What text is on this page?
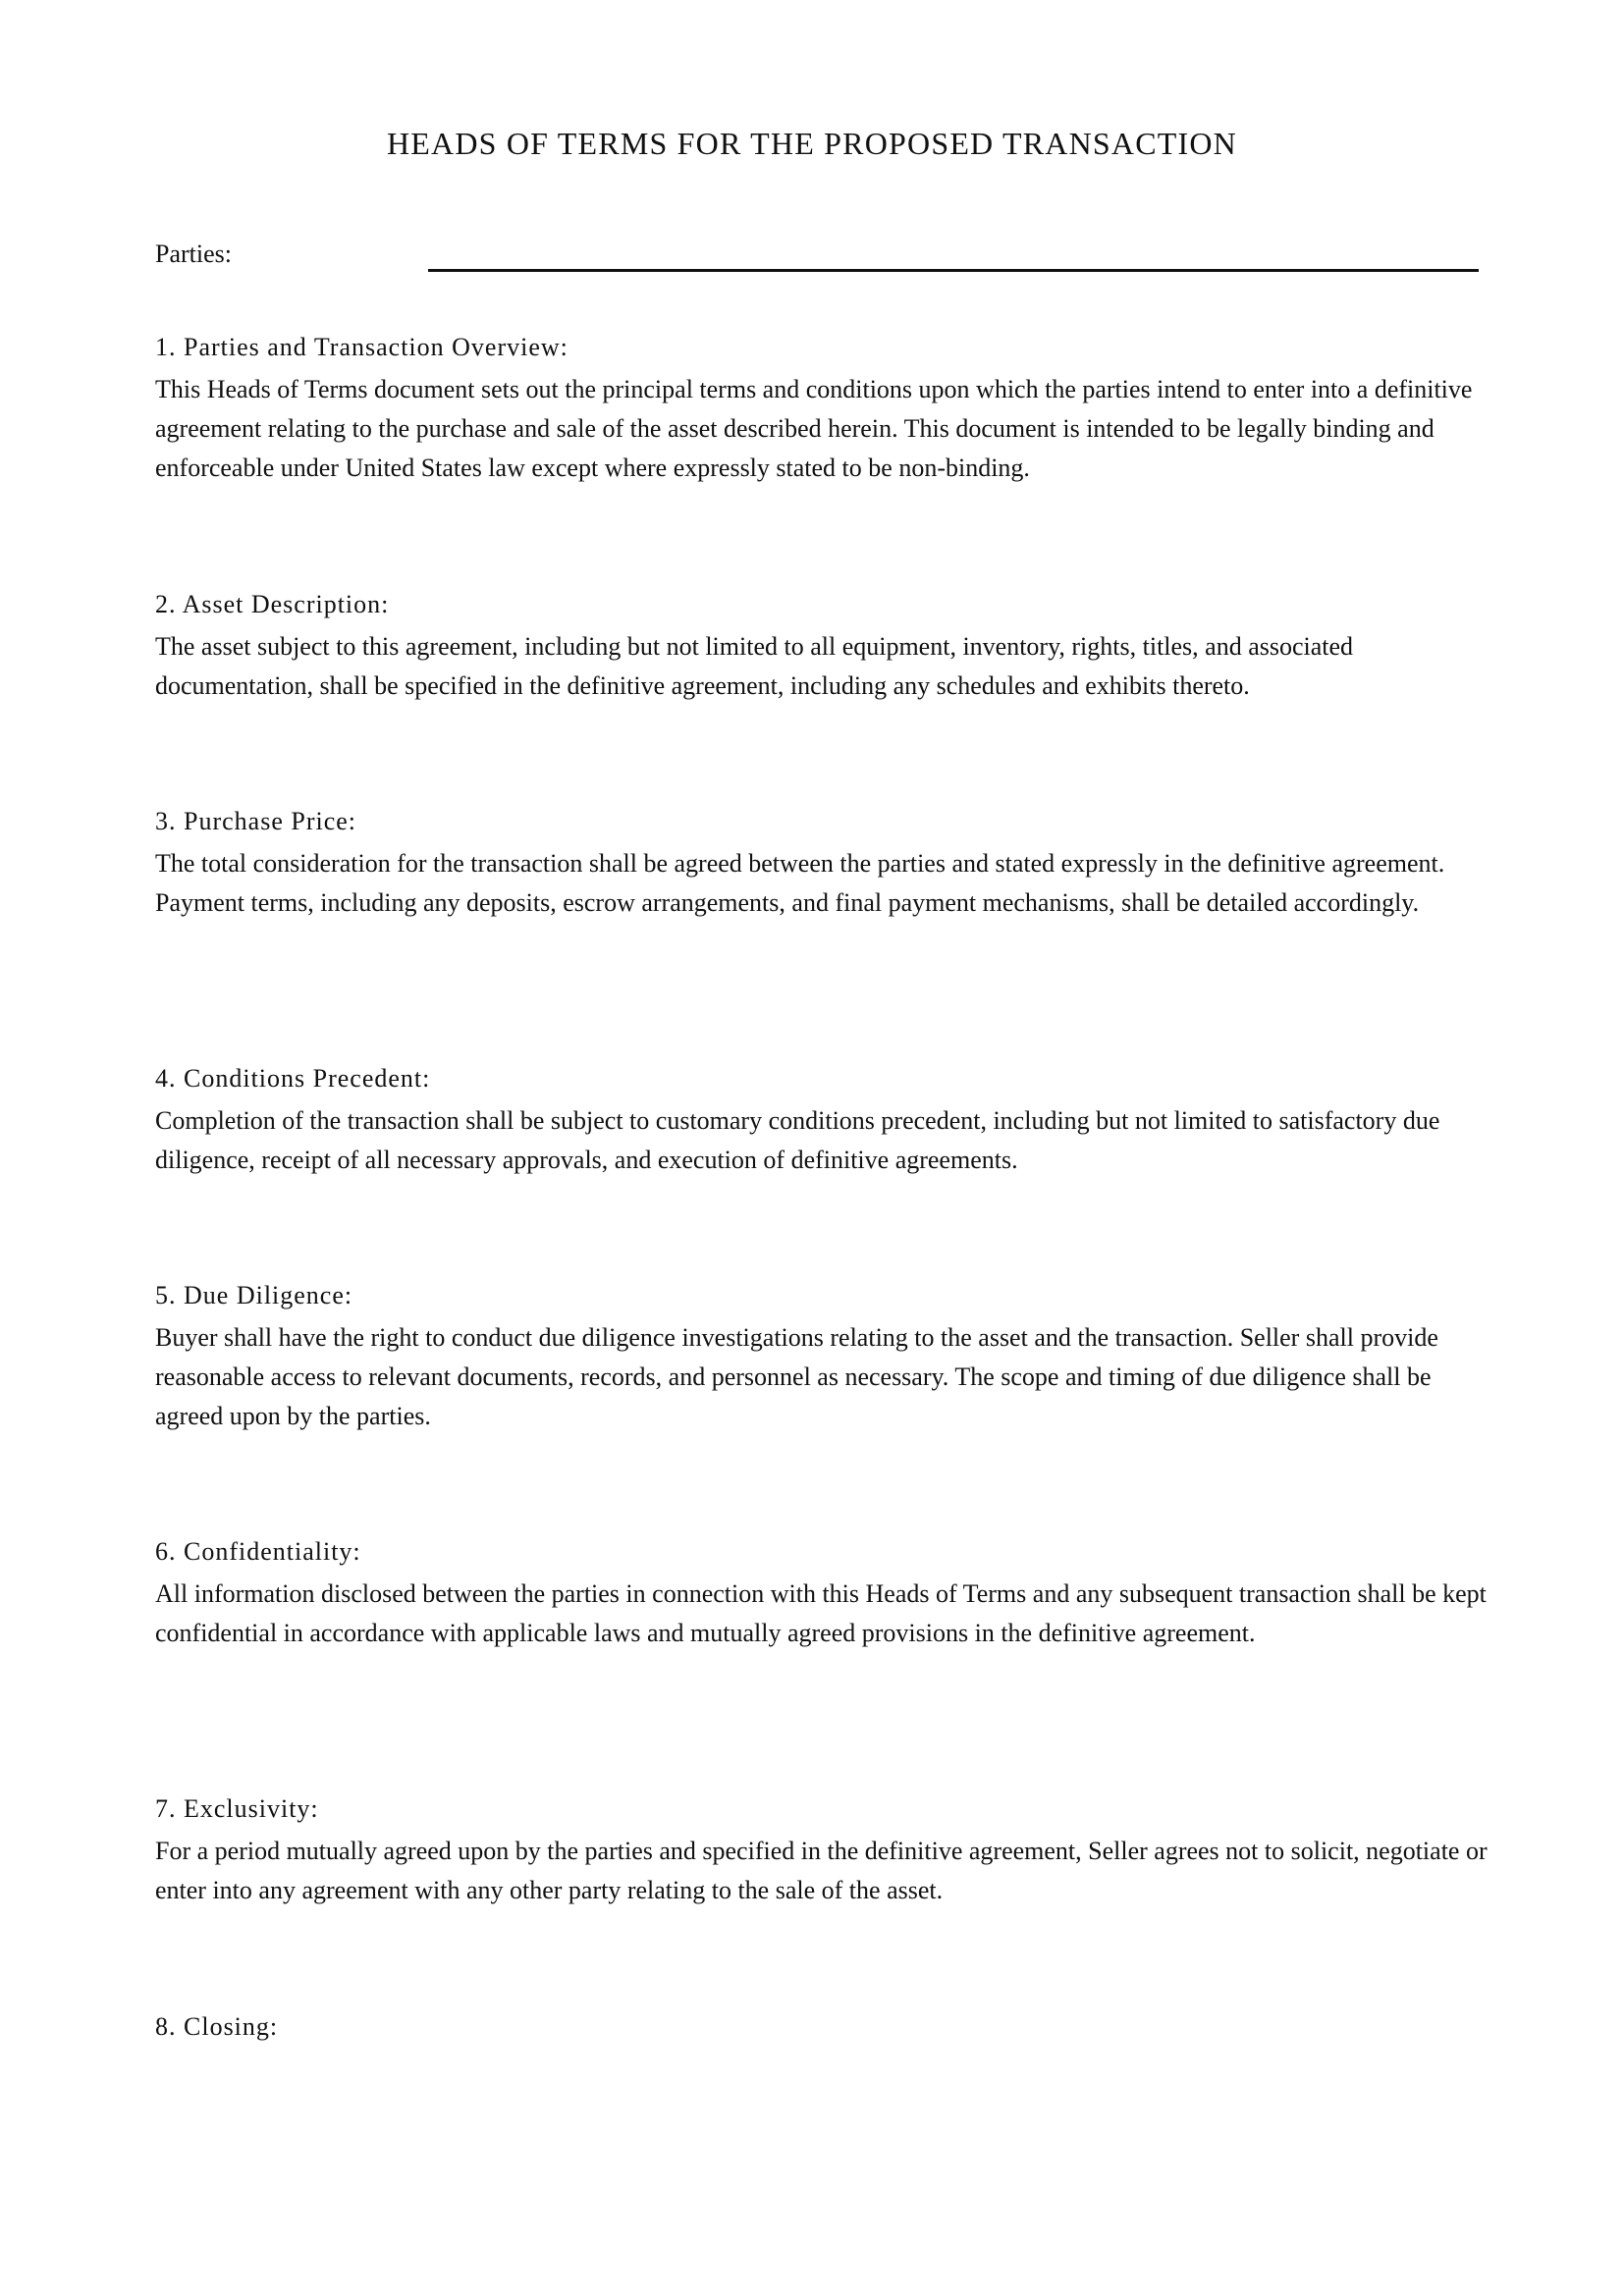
HEADS OF TERMS FOR THE PROPOSED TRANSACTION
Parties:
1. Parties and Transaction Overview:

This Heads of Terms document sets out the principal terms and conditions upon which the parties intend to enter into a definitive agreement relating to the purchase and sale of the asset described herein. This document is intended to be legally binding and enforceable under United States law except where expressly stated to be non-binding.

2. Asset Description:

The asset subject to this agreement, including but not limited to all equipment, inventory, rights, titles, and associated documentation, shall be specified in the definitive agreement, including any schedules and exhibits thereto.

3. Purchase Price:

The total consideration for the transaction shall be agreed between the parties and stated expressly in the definitive agreement. Payment terms, including any deposits, escrow arrangements, and final payment mechanisms, shall be detailed accordingly.

4. Conditions Precedent:

Completion of the transaction shall be subject to customary conditions precedent, including but not limited to satisfactory due diligence, receipt of all necessary approvals, and execution of definitive agreements.

5. Due Diligence:

Buyer shall have the right to conduct due diligence investigations relating to the asset and the transaction. Seller shall provide reasonable access to relevant documents, records, and personnel as necessary. The scope and timing of due diligence shall be agreed upon by the parties.

6. Confidentiality:

All information disclosed between the parties in connection with this Heads of Terms and any subsequent transaction shall be kept confidential in accordance with applicable laws and mutually agreed provisions in the definitive agreement.

7. Exclusivity:

For a period mutually agreed upon by the parties and specified in the definitive agreement, Seller agrees not to solicit, negotiate or enter into any agreement with any other party relating to the sale of the asset.

8. Closing:
